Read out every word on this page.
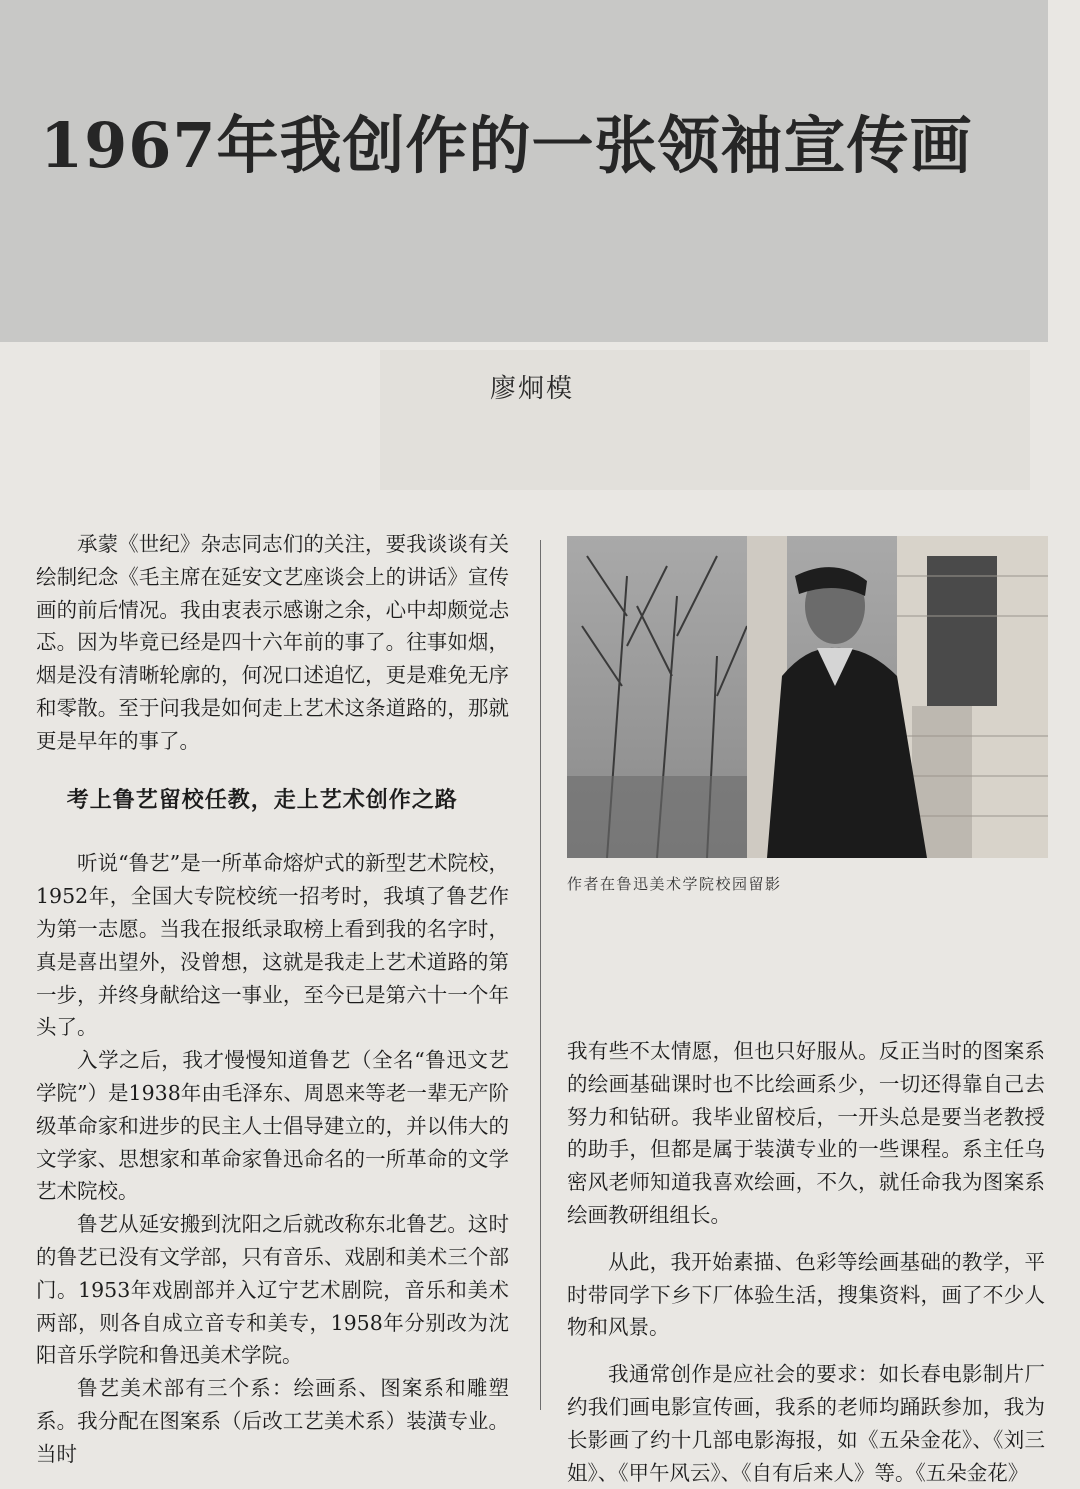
1967年我创作的一张领袖宣传画
廖炯模

承蒙《世纪》杂志同志们的关注，要我谈谈有关绘制纪念《毛主席在延安文艺座谈会上的讲话》宣传画的前后情况。我由衷表示感谢之余，心中却颇觉忐忑。因为毕竟已经是四十六年前的事了。往事如烟，烟是没有清晰轮廓的，何况口述追忆，更是难免无序和零散。至于问我是如何走上艺术这条道路的，那就更是早年的事了。

考上鲁艺留校任教，走上艺术创作之路

听说“鲁艺”是一所革命熔炉式的新型艺术院校，1952年，全国大专院校统一招考时，我填了鲁艺作为第一志愿。当我在报纸录取榜上看到我的名字时，真是喜出望外，没曾想，这就是我走上艺术道路的第一步，并终身献给这一事业，至今已是第六十一个年头了。

入学之后，我才慢慢知道鲁艺（全名“鲁迅文艺学院”）是1938年由毛泽东、周恩来等老一辈无产阶级革命家和进步的民主人士倡导建立的，并以伟大的文学家、思想家和革命家鲁迅命名的一所革命的文学艺术院校。

鲁艺从延安搬到沈阳之后就改称东北鲁艺。这时的鲁艺已没有文学部，只有音乐、戏剧和美术三个部门。1953年戏剧部并入辽宁艺术剧院，音乐和美术两部，则各自成立音专和美专，1958年分别改为沈阳音乐学院和鲁迅美术学院。

鲁艺美术部有三个系：绘画系、图案系和雕塑系。我分配在图案系（后改工艺美术系）装潢专业。当时

作者在鲁迅美术学院校园留影

我有些不太情愿，但也只好服从。反正当时的图案系的绘画基础课时也不比绘画系少，一切还得靠自己去努力和钻研。我毕业留校后，一开头总是要当老教授的助手，但都是属于装潢专业的一些课程。系主任乌密风老师知道我喜欢绘画，不久，就任命我为图案系绘画教研组组长。

从此，我开始素描、色彩等绘画基础的教学，平时带同学下乡下厂体验生活，搜集资料，画了不少人物和风景。

我通常创作是应社会的要求：如长春电影制片厂约我们画电影宣传画，我系的老师均踊跃参加，我为长影画了约十几部电影海报，如《五朵金花》、《刘三姐》、《甲午风云》、《自有后来人》等。《五朵金花》
